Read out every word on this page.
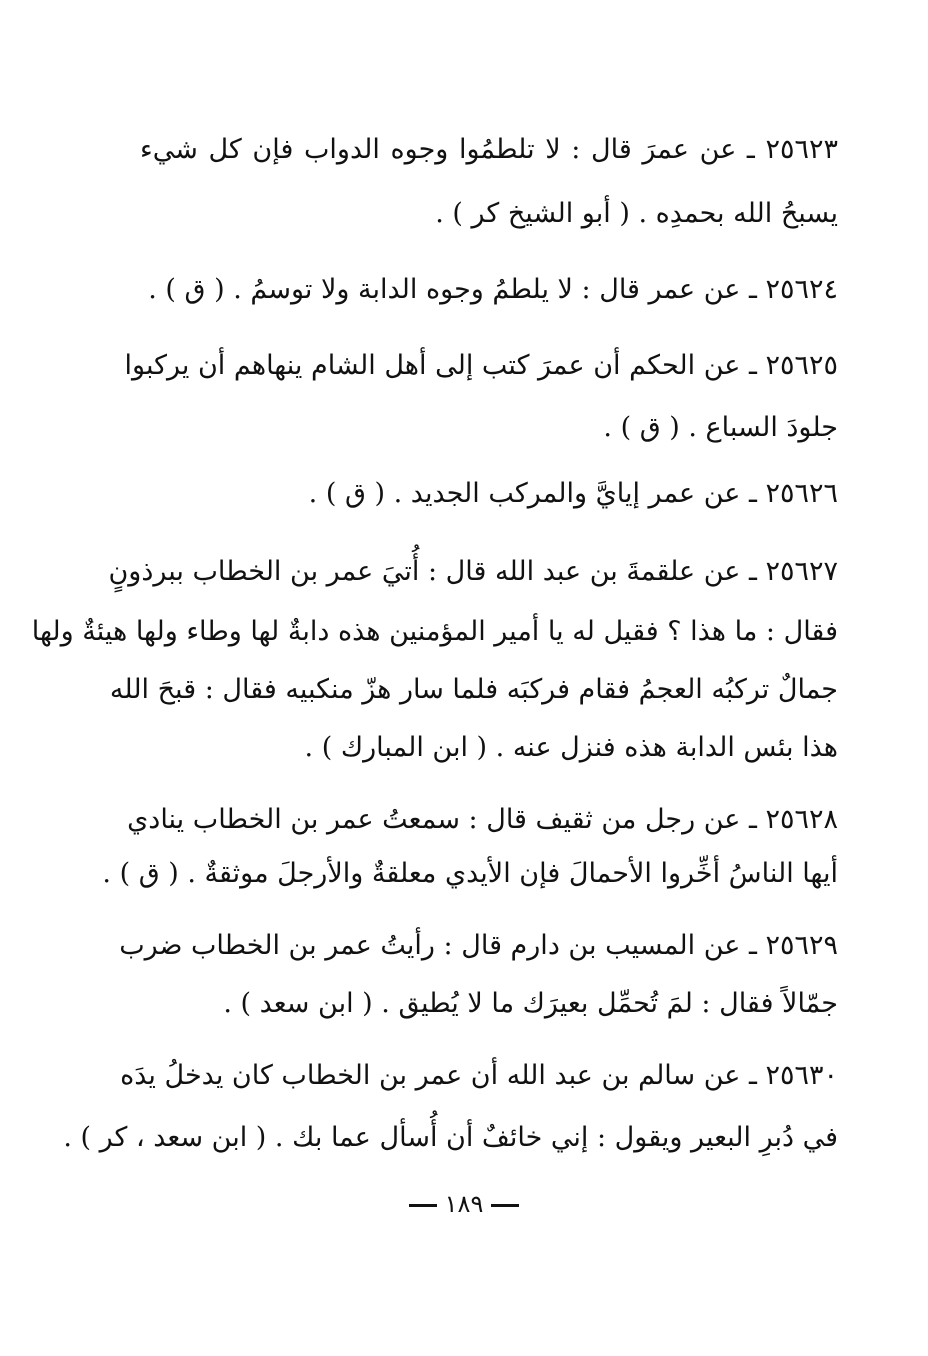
٢٥٦٢٣ ـ عن عمرَ قال : لا تلطمُوا وجوه الدواب فإن كل شيء
يسبحُ الله بحمدِه . ( أبو الشيخ كر ) .
٢٥٦٢٤ ـ عن عمر قال : لا يلطمُ وجوه الدابة ولا توسمُ . ( ق ) .
٢٥٦٢٥ ـ عن الحكم أن عمرَ كتب إلى أهل الشام ينهاهم أن يركبوا
جلودَ السباع . ( ق ) .
٢٥٦٢٦ ـ عن عمر إيايَّ والمركب الجديد . ( ق ) .
٢٥٦٢٧ ـ عن علقمةَ بن عبد الله قال : أُتيَ عمر بن الخطاب ببرذونٍ
فقال : ما هذا ؟ فقيل له يا أمير المؤمنين هذه دابةٌ لها وطاء ولها هيئةٌ ولها
جمالٌ تركبُه العجمُ فقام فركبَه فلما سار هزّ منكبيه فقال : قبحَ الله
هذا بئس الدابة هذه فنزل عنه . ( ابن المبارك ) .
٢٥٦٢٨ ـ عن رجل من ثقيف قال : سمعتُ عمر بن الخطاب ينادي
أيها الناسُ أخِّروا الأحمالَ فإن الأيدي معلقةٌ والأرجلَ موثقةٌ . ( ق ) .
٢٥٦٢٩ ـ عن المسيب بن دارم قال : رأيتُ عمر بن الخطاب ضرب
جمّالاً فقال : لمَ تُحمِّل بعيرَك ما لا يُطيق . ( ابن سعد ) .
٢٥٦٣٠ ـ عن سالم بن عبد الله أن عمر بن الخطاب كان يدخلُ يدَه
في دُبرِ البعير ويقول : إني خائفٌ أن أُسأل عما بك . ( ابن سعد ، كر ) .
١٨٩
